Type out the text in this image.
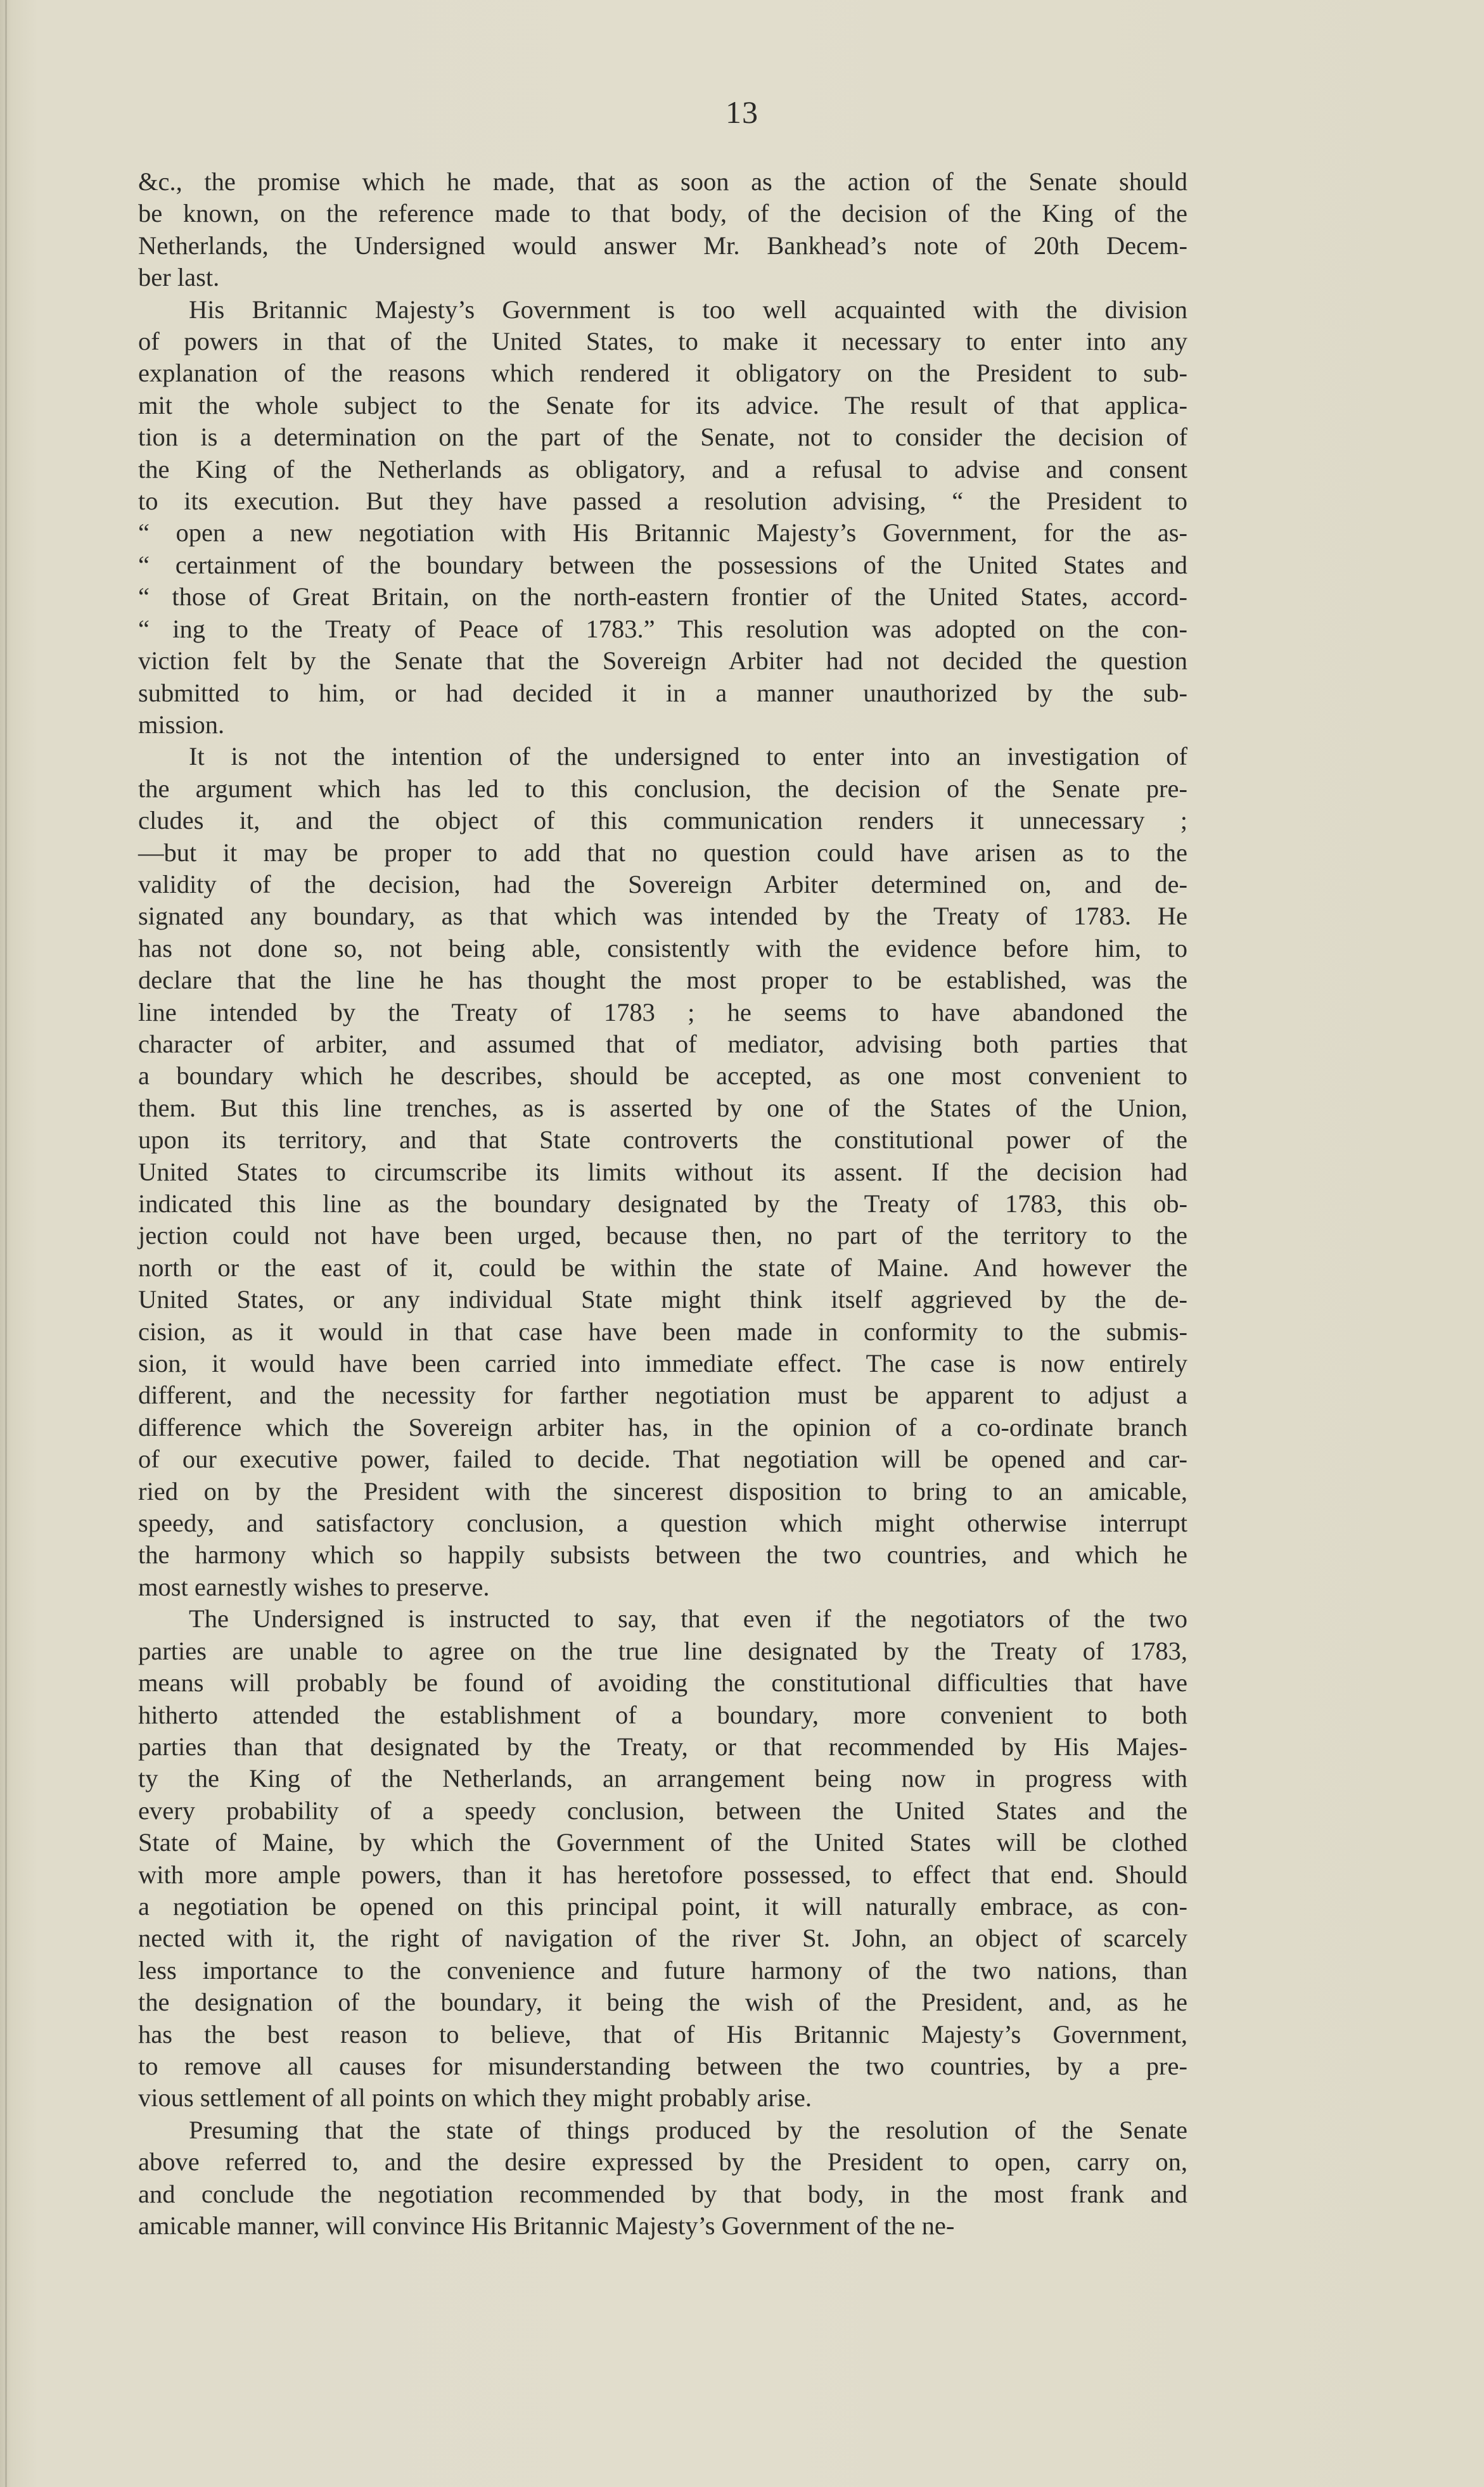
13
&c., the promise which he made, that as soon as the action of the Senate should
be known, on the reference made to that body, of the decision of the King of the
Netherlands, the Undersigned would answer Mr. Bankhead’s note of 20th Decem-
ber last.
His Britannic Majesty’s Government is too well acquainted with the division
of powers in that of the United States, to make it necessary to enter into any
explanation of the reasons which rendered it obligatory on the President to sub-
mit the whole subject to the Senate for its advice. The result of that applica-
tion is a determination on the part of the Senate, not to consider the decision of
the King of the Netherlands as obligatory, and a refusal to advise and consent
to its execution. But they have passed a resolution advising, “ the President to
“ open a new negotiation with His Britannic Majesty’s Government, for the as-
“ certainment of the boundary between the possessions of the United States and
“ those of Great Britain, on the north-eastern frontier of the United States, accord-
“ ing to the Treaty of Peace of 1783.” This resolution was adopted on the con-
viction felt by the Senate that the Sovereign Arbiter had not decided the question
submitted to him, or had decided it in a manner unauthorized by the sub-
mission.
It is not the intention of the undersigned to enter into an investigation of
the argument which has led to this conclusion, the decision of the Senate pre-
cludes it, and the object of this communication renders it unnecessary ;
—but it may be proper to add that no question could have arisen as to the
validity of the decision, had the Sovereign Arbiter determined on, and de-
signated any boundary, as that which was intended by the Treaty of 1783. He
has not done so, not being able, consistently with the evidence before him, to
declare that the line he has thought the most proper to be established, was the
line intended by the Treaty of 1783 ; he seems to have abandoned the
character of arbiter, and assumed that of mediator, advising both parties that
a boundary which he describes, should be accepted, as one most convenient to
them. But this line trenches, as is asserted by one of the States of the Union,
upon its territory, and that State controverts the constitutional power of the
United States to circumscribe its limits without its assent. If the decision had
indicated this line as the boundary designated by the Treaty of 1783, this ob-
jection could not have been urged, because then, no part of the territory to the
north or the east of it, could be within the state of Maine. And however the
United States, or any individual State might think itself aggrieved by the de-
cision, as it would in that case have been made in conformity to the submis-
sion, it would have been carried into immediate effect. The case is now entirely
different, and the necessity for farther negotiation must be apparent to adjust a
difference which the Sovereign arbiter has, in the opinion of a co-ordinate branch
of our executive power, failed to decide. That negotiation will be opened and car-
ried on by the President with the sincerest disposition to bring to an amicable,
speedy, and satisfactory conclusion, a question which might otherwise interrupt
the harmony which so happily subsists between the two countries, and which he
most earnestly wishes to preserve.
The Undersigned is instructed to say, that even if the negotiators of the two
parties are unable to agree on the true line designated by the Treaty of 1783,
means will probably be found of avoiding the constitutional difficulties that have
hitherto attended the establishment of a boundary, more convenient to both
parties than that designated by the Treaty, or that recommended by His Majes-
ty the King of the Netherlands, an arrangement being now in progress with
every probability of a speedy conclusion, between the United States and the
State of Maine, by which the Government of the United States will be clothed
with more ample powers, than it has heretofore possessed, to effect that end. Should
a negotiation be opened on this principal point, it will naturally embrace, as con-
nected with it, the right of navigation of the river St. John, an object of scarcely
less importance to the convenience and future harmony of the two nations, than
the designation of the boundary, it being the wish of the President, and, as he
has the best reason to believe, that of His Britannic Majesty’s Government,
to remove all causes for misunderstanding between the two countries, by a pre-
vious settlement of all points on which they might probably arise.
Presuming that the state of things produced by the resolution of the Senate
above referred to, and the desire expressed by the President to open, carry on,
and conclude the negotiation recommended by that body, in the most frank and
amicable manner, will convince His Britannic Majesty’s Government of the ne-
